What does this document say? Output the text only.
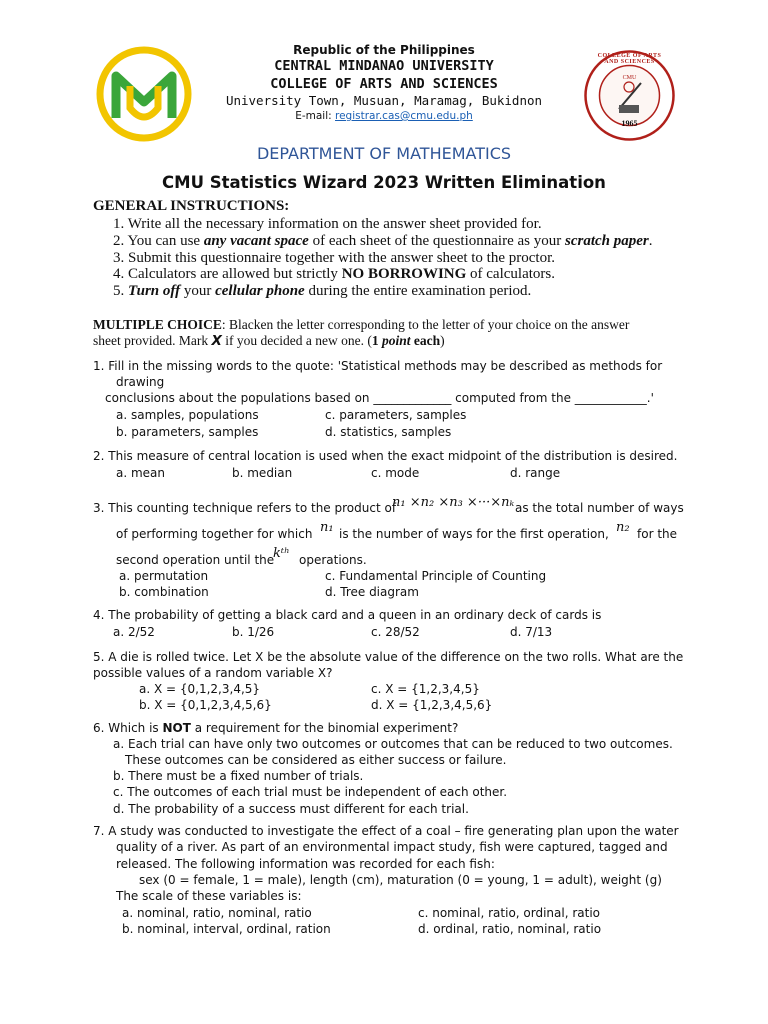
1965
CMU
COLLEGE OF ARTS AND SCIENCES
Republic of the Philippines
CENTRAL MINDANAO UNIVERSITY
COLLEGE OF ARTS AND SCIENCES
University Town, Musuan, Maramag, Bukidnon
E-mail: registrar.cas@cmu.edu.ph
DEPARTMENT OF MATHEMATICS
CMU Statistics Wizard 2023 Written Elimination
GENERAL INSTRUCTIONS:
1. Write all the necessary information on the answer sheet provided for.
2. You can use any vacant space of each sheet of the questionnaire as your scratch paper.
3. Submit this questionnaire together with the answer sheet to the proctor.
4. Calculators are allowed but strictly NO BORROWING of calculators.
5. Turn off your cellular phone during the entire examination period.
MULTIPLE CHOICE: Blacken the letter corresponding to the letter of your choice on the answer
sheet provided. Mark X if you decided a new one. (1 point each)
1. Fill in the missing words to the quote: 'Statistical methods may be described as methods for
drawing
conclusions about the populations based on _____________ computed from the ____________.'
a. samples, populations	c. parameters, samples
b. parameters, samples	d. statistics, samples
2. This measure of central location is used when the exact midpoint of the distribution is desired.
a. mean	b. median	c. mode	d. range
3. This counting technique refers to the product of
n₁ ×n₂ ×n₃ ×···×nₖ as the total number of ways
of performing together for which n₁ is the number of ways for the first operation, n₂ for the
second operation until the
kᵗʰ operations.
a. permutation	c. Fundamental Principle of Counting
b. combination	d. Tree diagram
4. The probability of getting a black card and a queen in an ordinary deck of cards is
a. 2/52	b. 1/26	c. 28/52	d. 7/13
5. A die is rolled twice. Let X be the absolute value of the difference on the two rolls. What are the
possible values of a random variable X?
a. X = {0,1,2,3,4,5}	c. X = {1,2,3,4,5}
b. X = {0,1,2,3,4,5,6}	d. X = {1,2,3,4,5,6}
6. Which is NOT a requirement for the binomial experiment?
a. Each trial can have only two outcomes or outcomes that can be reduced to two outcomes.
These outcomes can be considered as either success or failure.
b. There must be a fixed number of trials.
c. The outcomes of each trial must be independent of each other.
d. The probability of a success must different for each trial.
7. A study was conducted to investigate the effect of a coal – fire generating plan upon the water
quality of a river. As part of an environmental impact study, fish were captured, tagged and
released. The following information was recorded for each fish:
sex (0 = female, 1 = male), length (cm), maturation (0 = young, 1 = adult), weight (g)
The scale of these variables is:
a. nominal, ratio, nominal, ratio	c. nominal, ratio, ordinal, ratio
b. nominal, interval, ordinal, ration	d. ordinal, ratio, nominal, ratio
